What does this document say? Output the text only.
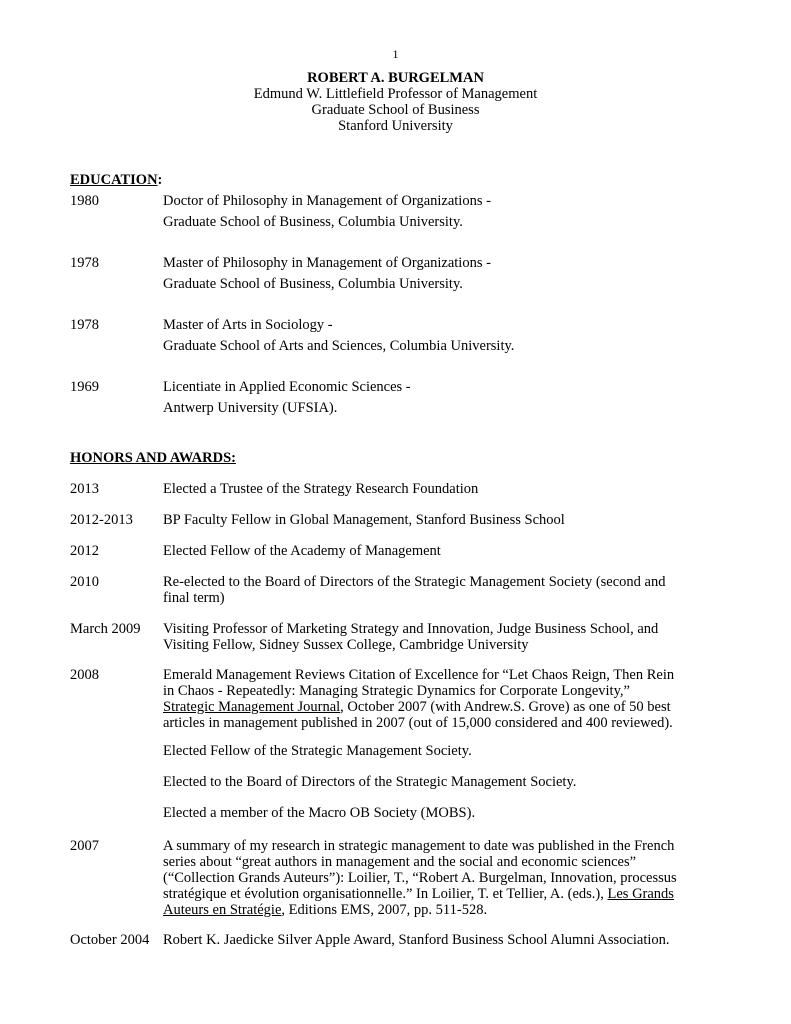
1
ROBERT A. BURGELMAN
Edmund W. Littlefield Professor of Management
Graduate School of Business
Stanford University
EDUCATION:
1980	Doctor of Philosophy in Management of Organizations -
Graduate School of Business, Columbia University.
1978	Master of Philosophy in Management of Organizations -
Graduate School of Business, Columbia University.
1978	Master of Arts in Sociology -
Graduate School of Arts and Sciences, Columbia University.
1969	Licentiate in Applied Economic Sciences -
Antwerp University (UFSIA).
HONORS AND AWARDS:
2013	Elected a Trustee of the Strategy Research Foundation
2012-2013 BP Faculty Fellow in Global Management, Stanford Business School
2012	Elected Fellow of the Academy of Management
2010	Re-elected to the Board of Directors of the Strategic Management Society (second and
final term)
March 2009 Visiting Professor of Marketing Strategy and Innovation, Judge Business School, and
Visiting Fellow, Sidney Sussex College, Cambridge University
2008	Emerald Management Reviews Citation of Excellence for “Let Chaos Reign, Then Rein
in Chaos - Repeatedly: Managing Strategic Dynamics for Corporate Longevity,”
Strategic Management Journal, October 2007 (with Andrew.S. Grove) as one of 50 best
articles in management published in 2007 (out of 15,000 considered and 400 reviewed).
Elected Fellow of the Strategic Management Society.
Elected to the Board of Directors of the Strategic Management Society.
Elected a member of the Macro OB Society (MOBS).
2007	A summary of my research in strategic management to date was published in the French
series about “great authors in management and the social and economic sciences”
(“Collection Grands Auteurs”): Loilier, T., “Robert A. Burgelman, Innovation, processus
stratégique et évolution organisationnelle.” In Loilier, T. et Tellier, A. (eds.), Les Grands
Auteurs en Stratégie, Editions EMS, 2007, pp. 511-528.
October 2004 Robert K. Jaedicke Silver Apple Award, Stanford Business School Alumni Association.
